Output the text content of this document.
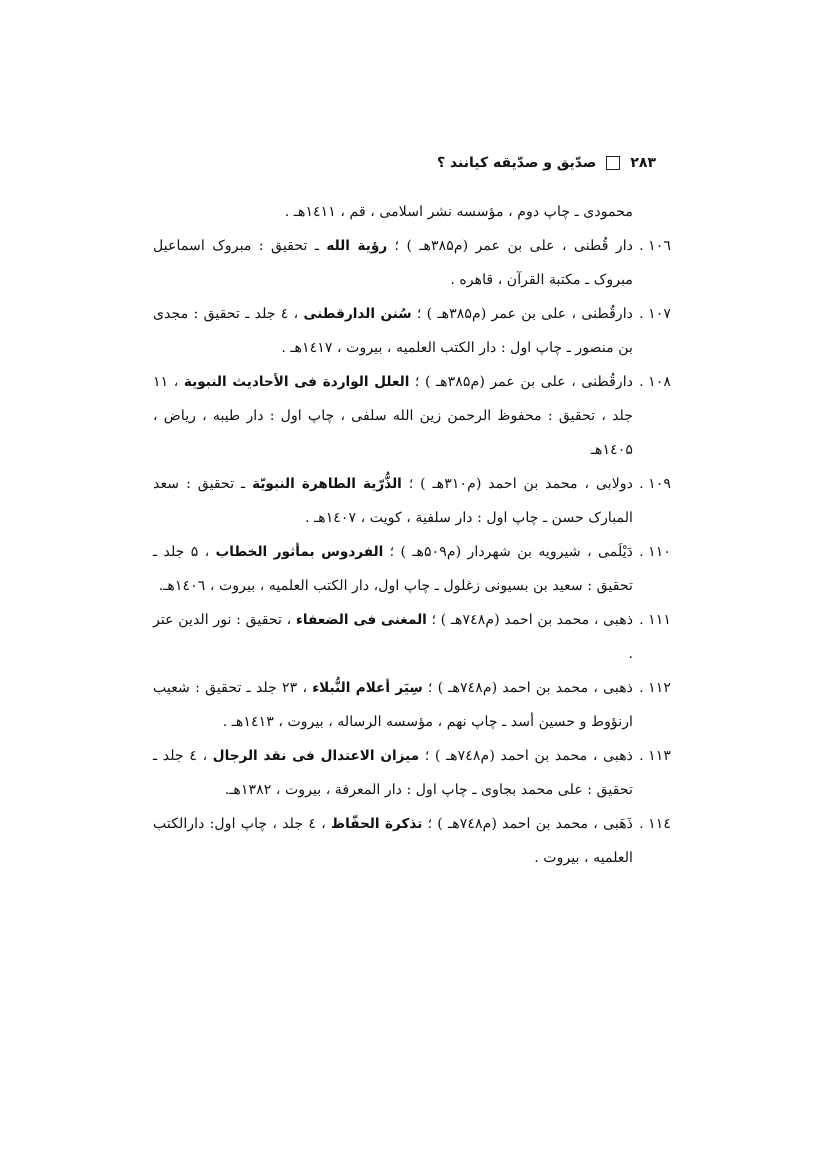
۲۸۳
صدّیق و صدّیقه کیانند ؟
محمودی ـ چاپ دوم ، مؤسسه نشر اسلامی ، قم ، ۱٤۱۱هـ .
۱۰٦ .
دار قُطنی ، علی بن عمر (م۳۸۵هـ ) ؛ رؤیة الله ـ تحقیق : مبروک اسماعیل مبروک ـ مکتبة القرآن ، قاهره .
۱۰۷ .
دارقُطنی ، علی بن عمر (م۳۸۵هـ ) ؛ سُنن الدارقطنی ، ٤ جلد ـ تحقیق : مجدی بن منصور ـ چاپ اول : دار الکتب العلمیه ، بیروت ، ۱٤۱۷هـ .
۱۰۸ .
دارقُطنی ، علی بن عمر (م۳۸۵هـ ) ؛ العلل الواردة فی الأحادیث النبویة ، ۱۱ جلد ، تحقیق : محفوظ الرحمن زین الله سلفی ، چاپ اول : دار طیبه ، ریاض ، ۱٤۰۵هـ
۱۰۹ .
دولابی ، محمد بن احمد (م۳۱۰هـ ) ؛ الذُّرّیة الطاهرة النبویّة ـ تحقیق : سعد المبارک حسن ـ چاپ اول : دار سلفیة ، کویت ، ۱٤۰۷هـ .
۱۱۰ .
دَیْلَمی ، شیرویه بن شهردار (م۵۰۹هـ ) ؛ الفردوس بمأثور الخطاب ، ۵ جلد ـ تحقیق : سعید بن بسیونی زغلول ـ چاپ اول، دار الکتب العلمیه ، بیروت ، ۱٤۰٦هـ.
۱۱۱ .
ذهبی ، محمد بن احمد (م۷٤۸هـ ) ؛ المغنی فی الضعفاء ، تحقیق : نور الدین عتر .
۱۱۲ .
ذهبی ، محمد بن احمد (م۷٤۸هـ ) ؛ سِیَر أعلام النُّبلاء ، ۲۳ جلد ـ تحقیق : شعیب ارنؤوط و حسین أسد ـ چاپ نهم ، مؤسسه الرساله ، بیروت ، ۱٤۱۳هـ .
۱۱۳ .
ذهبی ، محمد بن احمد (م۷٤۸هـ ) ؛ میزان الاعتدال فی نقد الرجال ، ٤ جلد ـ تحقیق : علی محمد بجاوی ـ چاپ اول : دار المعرفة ، بیروت ، ۱۳۸۲هـ.
۱۱٤ .
ذَهَبی ، محمد بن احمد (م۷٤۸هـ ) ؛ تذکرة الحفّاظ ، ٤ جلد ، چاپ اول: دارالکتب العلمیه ، بیروت .
